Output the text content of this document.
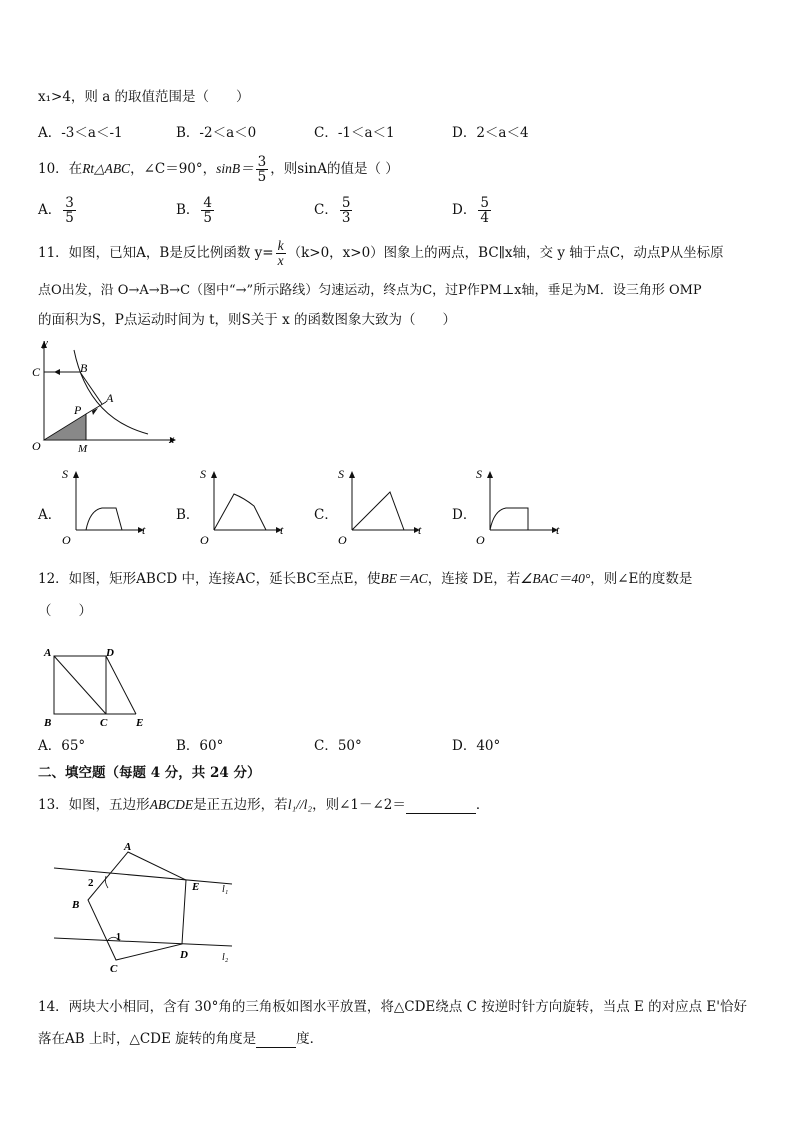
x₁>4，则 a 的取值范围是（　　）
A．-3＜a＜-1	B．-2＜a＜0	C．-1＜a＜1	D．2＜a＜4
10．在Rt△ABC，∠C＝90°，$\sin B= \frac{3}{5}$ ，则sinA的值是（ ）
A． $\frac{3}{5}$	B． $\frac{4}{5}$	C． $\frac{5}{3}$	D． $\frac{5}{4}$
11．如图，已知A，B是反比例函数 $y= \frac{k}{x} (k>0$，x>0）图象上的两点，BC∥x轴，交 y 轴于点C，动点P从坐标原
点O出发，沿 O→A→B→C（图中“→”所示路线）匀速运动，终点为C，过P作PM⊥x轴，垂足为M．设三角形 OMP
的面积为S，P点运动时间为 t，则S关于 x 的函数图象大致为（　　）
y
x
C	B
A
P
O	M
A．
S
O
t
B．
S
O
t
C．
S
O
t
D．
S
O
t
12．如图，矩形ABCD 中，连接AC，延长BC至点E，使BE＝AC，连接 DE，若∠BAC＝40°，则∠E的度数是
（　　）
A	D
B	C	E
A．65°	B．60°	C．50°	D．40°
二、填空题（每题 4 分，共 24 分）
13．如图，五边形ABCDE是正五边形，若l₁//l₂，则∠1－∠2＝	．
A
B
C
D
E l₁
l₂
1
2
14．两块大小相同，含有 30°角的三角板如图水平放置，将△CDE绕点 C 按逆时针方向旋转，当点 E 的对应点 E'恰好
落在AB 上时，△CDE 旋转的角度是	度．
